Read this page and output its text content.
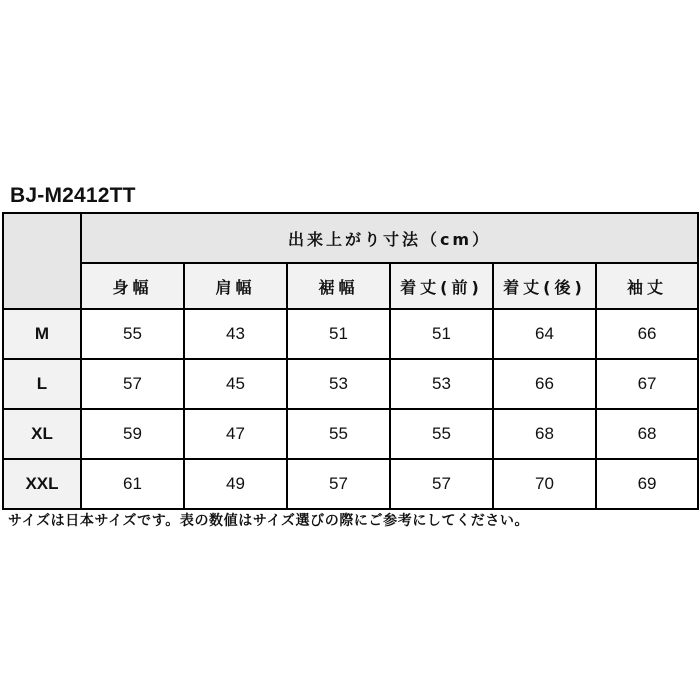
BJ-M2412TT
	出来上がり寸法（cm）					
	身幅	肩幅	裾幅	着丈(前)	着丈(後)	袖丈
M	55	43	51	51	64	66
L	57	45	53	53	66	67
XL	59	47	55	55	68	68
XXL	61	49	57	57	70	69
サイズは日本サイズです。表の数値はサイズ選びの際にご参考にしてください。
